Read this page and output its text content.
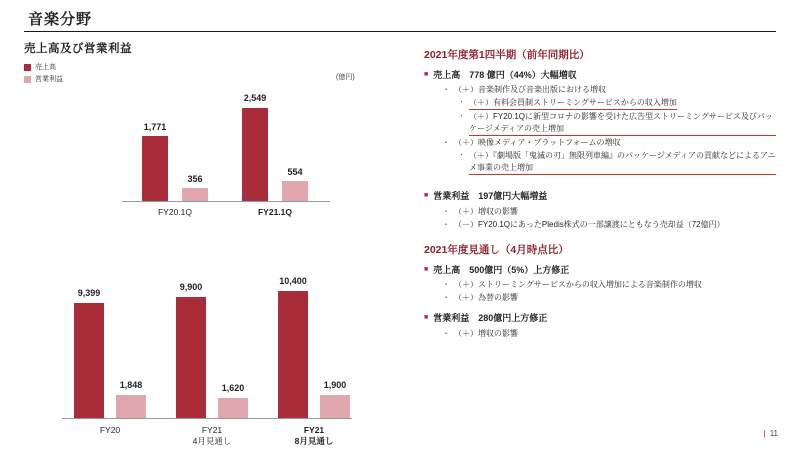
音楽分野
売上高及び営業利益
売上高
営業利益	(億円)
1,771
356
FY20.1Q
2,549
554
FY21.1Q
9,399
1,848
FY20
9,900
1,620
FY21
4月見通し
10,400
1,900
FY21
8月見通し
2021年度第1四半期（前年同期比）
■ 売上高　778 億円（44%）大幅増収
・ （＋）音楽制作及び音楽出版における増収
・ （＋）有料会員制ストリーミングサービスからの収入増加
・ （＋）FY20.1Qに新型コロナの影響を受けた広告型ストリーミングサービス及びパッケージメディアの売上増加
・ （＋）映像メディア・プラットフォームの増収
・ （＋）『劇場版「鬼滅の刃」無限列車編』のパッケージメディアの貢献などによるアニメ事業の売上増加
■ 営業利益　197億円大幅増益
・ （＋）増収の影響
・ （－）FY20.1QにあったPledis株式の一部譲渡にともなう売却益（72億円）
2021年度見通し（4月時点比）
■ 売上高　500億円（5%）上方修正
・ （＋）ストリーミングサービスからの収入増加による音楽制作の増収
・ （＋）為替の影響
■ 営業利益　280億円上方修正
・ （＋）増収の影響
| 11
